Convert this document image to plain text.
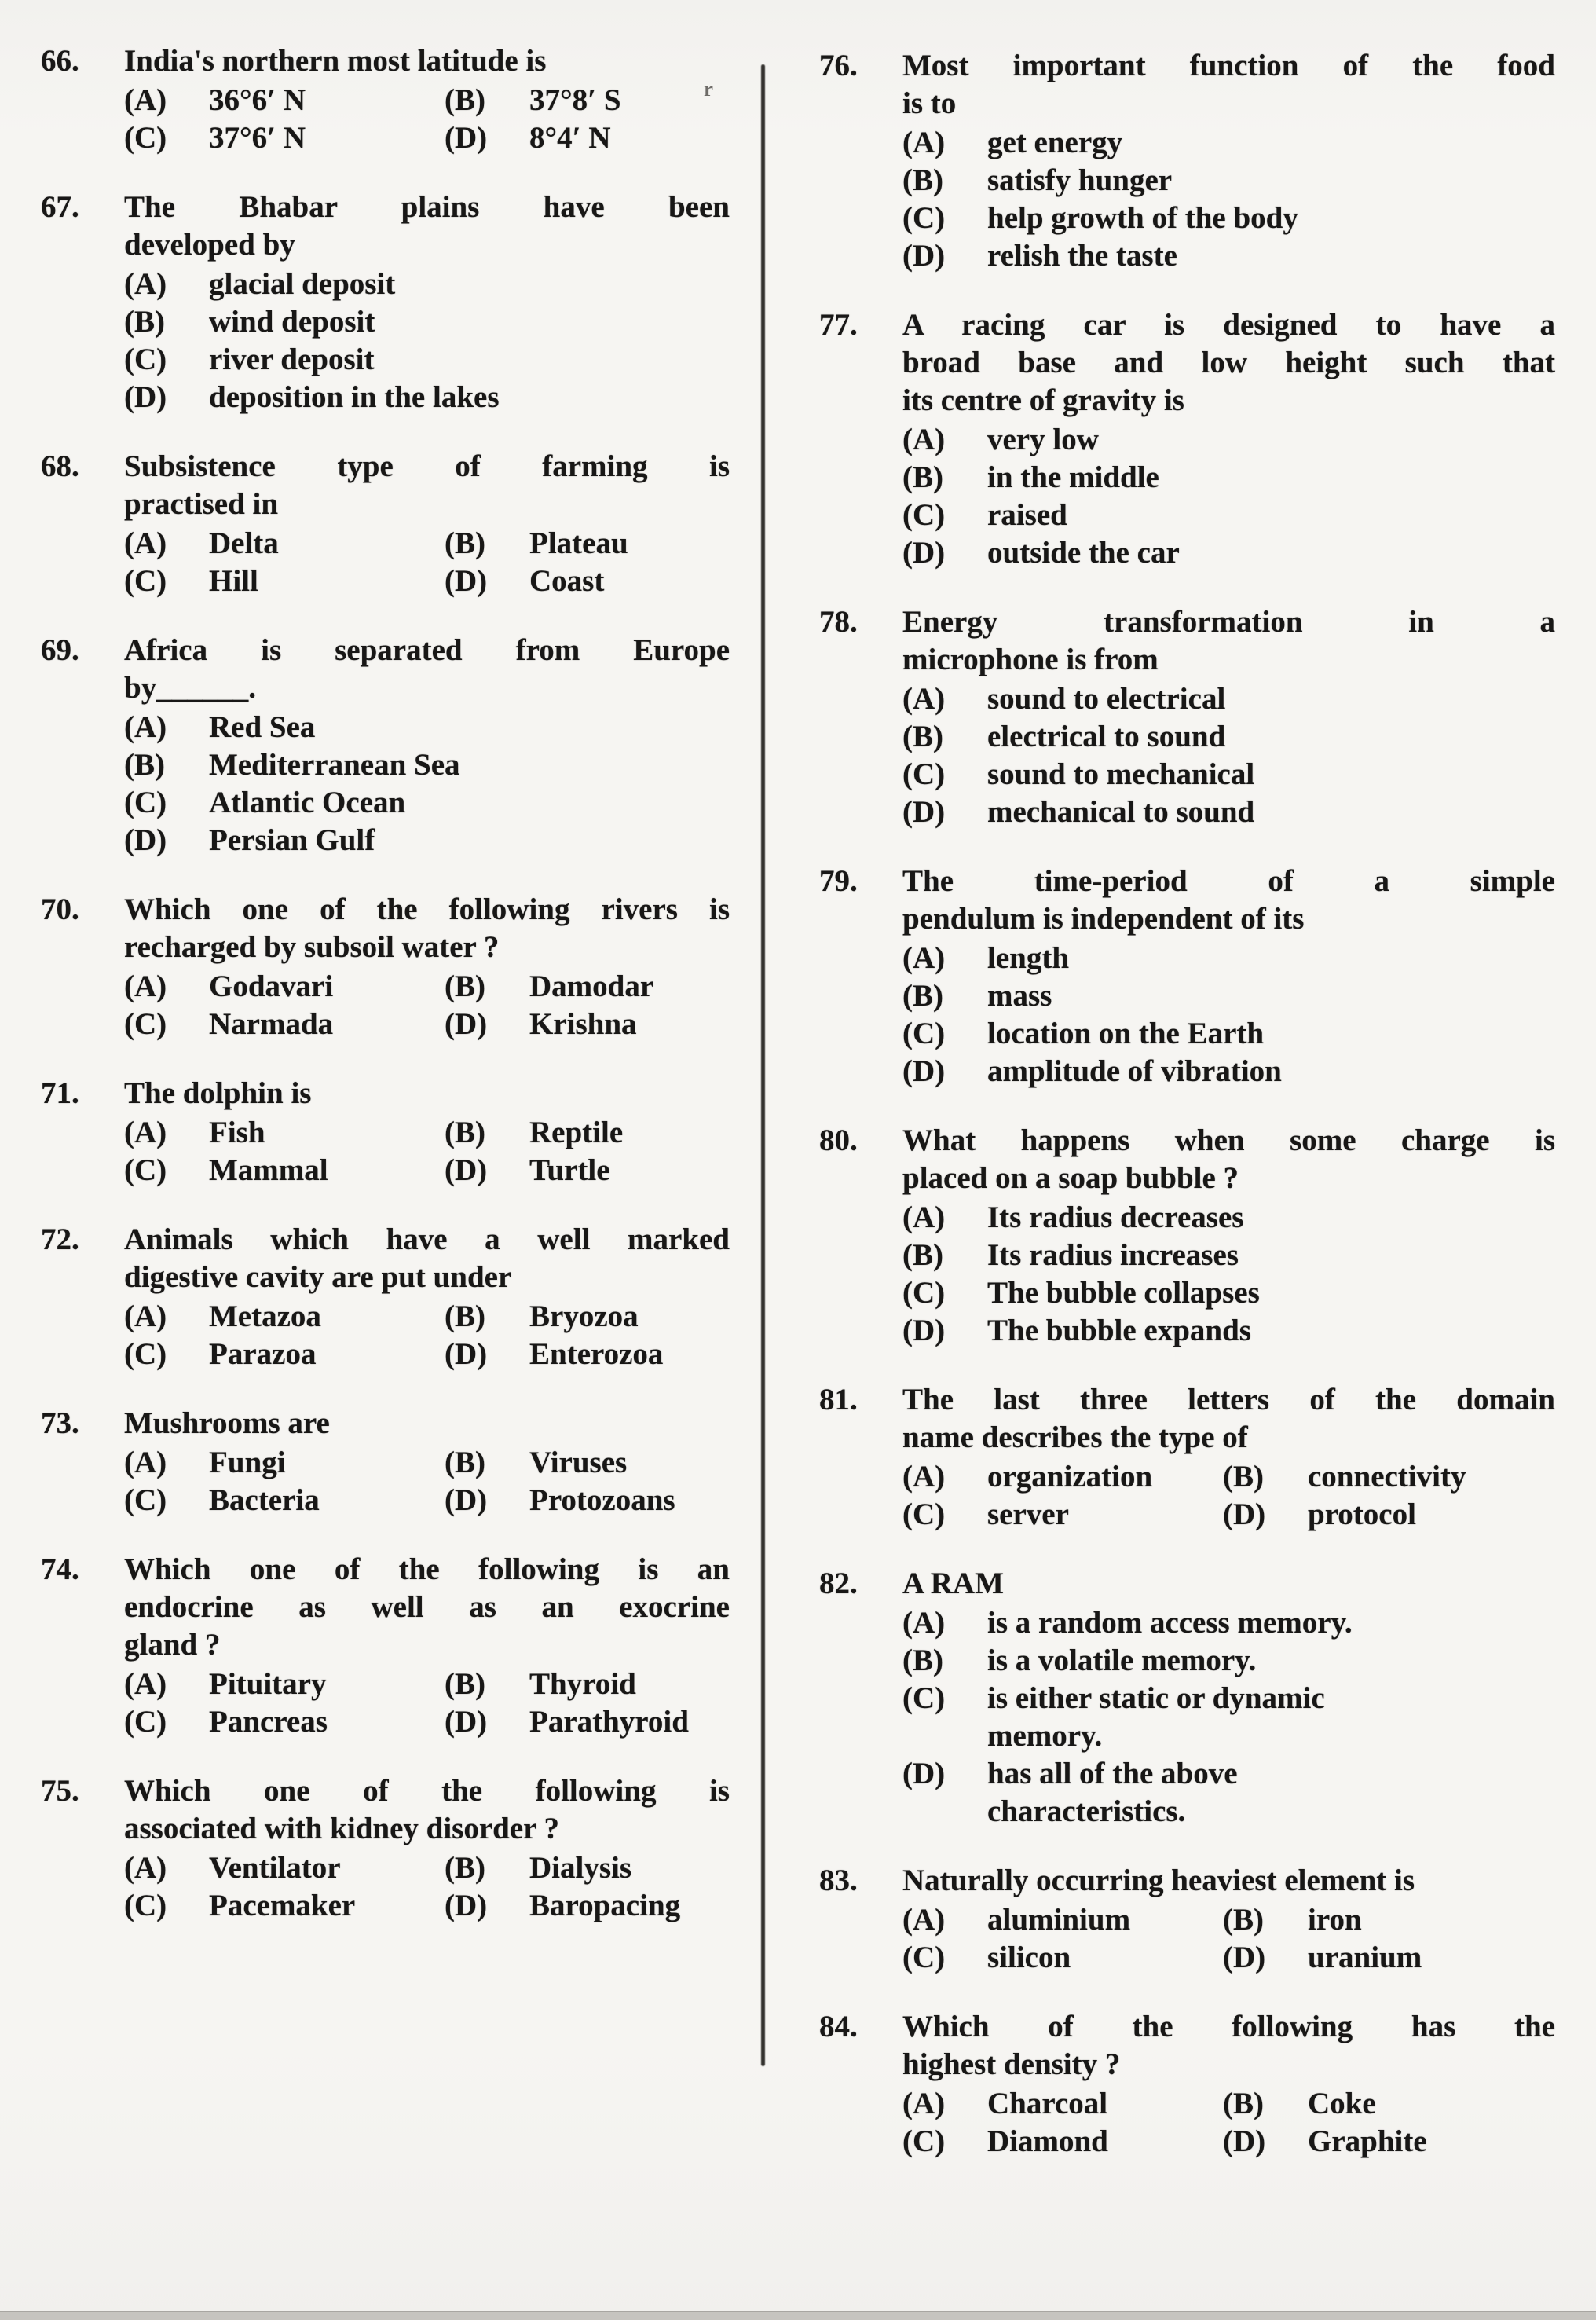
66.	India's northern most latitude is
(A)	36°6′ N	(B)	37°8′ S
(C)	37°6′ N	(D)	8°4′ N
67.	The Bhabar plains have been
developed by
(A)	glacial deposit
(B)	wind deposit
(C)	river deposit
(D)	deposition in the lakes
68.	Subsistence type of farming is
practised in
(A)	Delta	(B)	Plateau
(C)	Hill	(D)	Coast
69.	Africa is separated from Europe
by______.
(A)	Red Sea
(B)	Mediterranean Sea
(C)	Atlantic Ocean
(D)	Persian Gulf
70.	Which one of the following rivers is
recharged by subsoil water ?
(A)	Godavari	(B)	Damodar
(C)	Narmada	(D)	Krishna
71.	The dolphin is
(A)	Fish	(B)	Reptile
(C)	Mammal	(D)	Turtle
72.	Animals which have a well marked
digestive cavity are put under
(A)	Metazoa	(B)	Bryozoa
(C)	Parazoa	(D)	Enterozoa
73.	Mushrooms are
(A)	Fungi	(B)	Viruses
(C)	Bacteria	(D)	Protozoans
74.	Which one of the following is an
endocrine as well as an exocrine
gland ?
(A)	Pituitary	(B)	Thyroid
(C)	Pancreas	(D)	Parathyroid
75.	Which one of the following is
associated with kidney disorder ?
(A)	Ventilator	(B)	Dialysis
(C)	Pacemaker	(D)	Baropacing
76.	Most important function of the food
is to
(A)	get energy
(B)	satisfy hunger
(C)	help growth of the body
(D)	relish the taste
77.	A racing car is designed to have a
broad base and low height such that
its centre of gravity is
(A)	very low
(B)	in the middle
(C)	raised
(D)	outside the car
78.	Energy transformation in a
microphone is from
(A)	sound to electrical
(B)	electrical to sound
(C)	sound to mechanical
(D)	mechanical to sound
79.	The time-period of a simple
pendulum is independent of its
(A)	length
(B)	mass
(C)	location on the Earth
(D)	amplitude of vibration
80.	What happens when some charge is
placed on a soap bubble ?
(A)	Its radius decreases
(B)	Its radius increases
(C)	The bubble collapses
(D)	The bubble expands
81.	The last three letters of the domain
name describes the type of
(A)	organization	(B)	connectivity
(C)	server	(D)	protocol
82.	A RAM
(A)	is a random access memory.
(B)	is a volatile memory.
(C)	is either static or dynamic
memory.
(D)	has all of the above
characteristics.
83.	Naturally occurring heaviest element is
(A)	aluminium	(B)	iron
(C)	silicon	(D)	uranium
84.	Which of the following has the
highest density ?
(A)	Charcoal	(B)	Coke
(C)	Diamond	(D)	Graphite
r
